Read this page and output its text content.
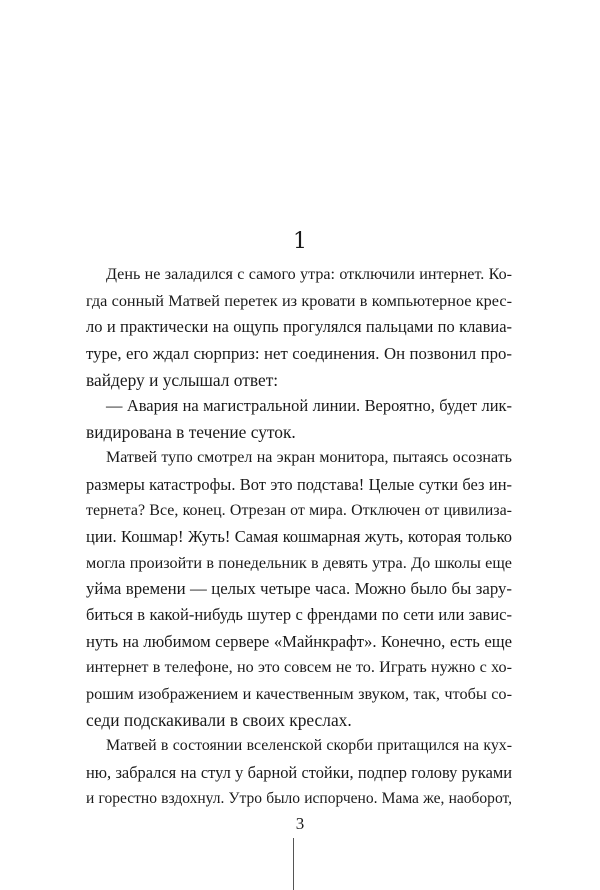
1
День не заладился с самого утра: отключили интернет. Ко-
гда сонный Матвей перетек из кровати в компьютерное крес-
ло и практически на ощупь прогулялся пальцами по клавиа-
туре, его ждал сюрприз: нет соединения. Он позвонил про-
вайдеру и услышал ответ:
— Авария на магистральной линии. Вероятно, будет лик-
видирована в течение суток.
Матвей тупо смотрел на экран монитора, пытаясь осознать
размеры катастрофы. Вот это подстава! Целые сутки без ин-
тернета? Все, конец. Отрезан от мира. Отключен от цивилиза-
ции. Кошмар! Жуть! Самая кошмарная жуть, которая только
могла произойти в понедельник в девять утра. До школы еще
уйма времени — целых четыре часа. Можно было бы зару-
биться в какой-нибудь шутер с френдами по сети или завис-
нуть на любимом сервере «Майнкрафт». Конечно, есть еще
интернет в телефоне, но это совсем не то. Играть нужно с хо-
рошим изображением и качественным звуком, так, чтобы со-
седи подскакивали в своих креслах.
Матвей в состоянии вселенской скорби притащился на кух-
ню, забрался на стул у барной стойки, подпер голову руками
и горестно вздохнул. Утро было испорчено. Мама же, наоборот,
3
